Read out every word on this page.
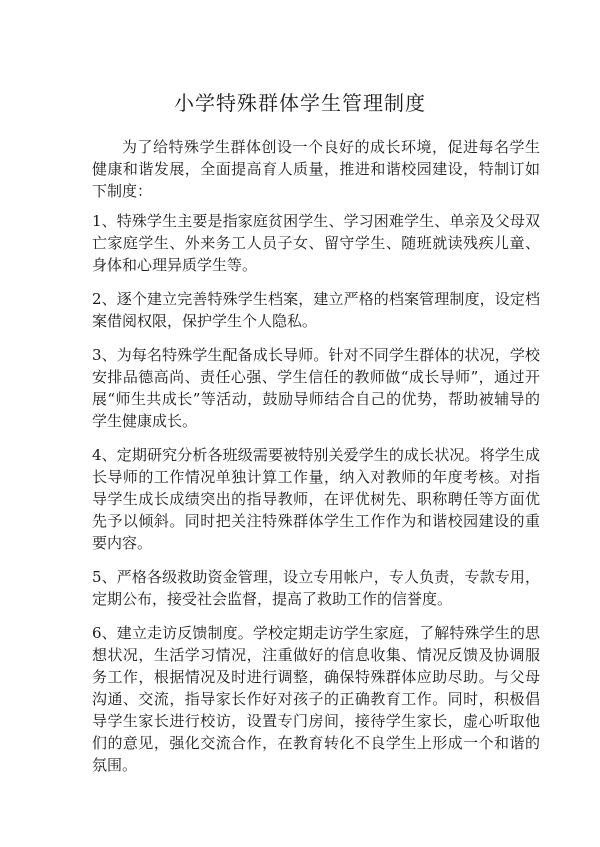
小学特殊群体学生管理制度

为了给特殊学生群体创设一个良好的成长环境，促进每名学生健康和谐发展，全面提高育人质量，推进和谐校园建设，特制订如下制度：

1、特殊学生主要是指家庭贫困学生、学习困难学生、单亲及父母双亡家庭学生、外来务工人员子女、留守学生、随班就读残疾儿童、身体和心理异质学生等。

2、逐个建立完善特殊学生档案，建立严格的档案管理制度，设定档案借阅权限，保护学生个人隐私。

3、为每名特殊学生配备成长导师。针对不同学生群体的状况，学校安排品德高尚、责任心强、学生信任的教师做“成长导师”，通过开展“师生共成长”等活动，鼓励导师结合自己的优势，帮助被辅导的学生健康成长。

4、定期研究分析各班级需要被特别关爱学生的成长状况。将学生成长导师的工作情况单独计算工作量，纳入对教师的年度考核。对指导学生成长成绩突出的指导教师，在评优树先、职称聘任等方面优先予以倾斜。同时把关注特殊群体学生工作作为和谐校园建设的重要内容。

5、严格各级救助资金管理，设立专用帐户，专人负责，专款专用，定期公布，接受社会监督，提高了救助工作的信誉度。

6、建立走访反馈制度。学校定期走访学生家庭，了解特殊学生的思想状况，生活学习情况，注重做好的信息收集、情况反馈及协调服务工作，根据情况及时进行调整，确保特殊群体应助尽助。与父母沟通、交流，指导家长作好对孩子的正确教育工作。同时，积极倡导学生家长进行校访，设置专门房间，接待学生家长，虚心听取他们的意见，强化交流合作，在教育转化不良学生上形成一个和谐的氛围。
